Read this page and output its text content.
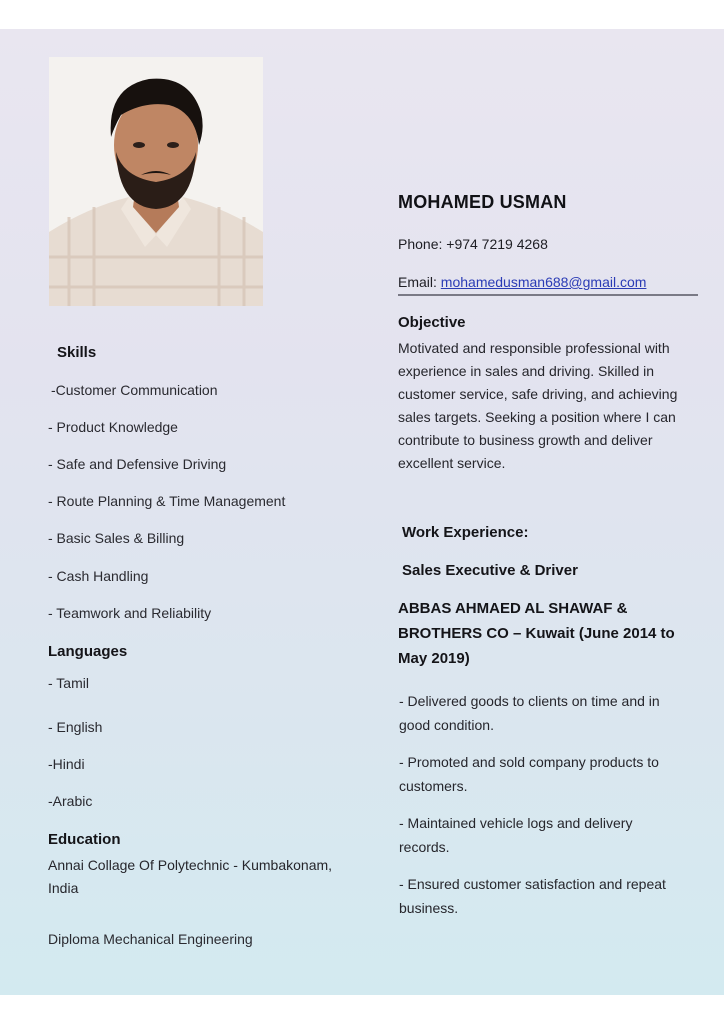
MOHAMED USMAN
Phone: +974 7219 4268
Email: mohamedusman688@gmail.com
Objective
Motivated and responsible professional with experience in sales and driving. Skilled in customer service, safe driving, and achieving sales targets. Seeking a position where I can contribute to business growth and deliver excellent service.
Work Experience:
Sales Executive & Driver
ABBAS AHMAED AL SHAWAF & BROTHERS CO – Kuwait (June 2014 to May 2019)
- Delivered goods to clients on time and in good condition.
- Promoted and sold company products to customers.
- Maintained vehicle logs and delivery records.
- Ensured customer satisfaction and repeat business.
Skills
-Customer Communication
- Product Knowledge
- Safe and Defensive Driving
- Route Planning & Time Management
- Basic Sales & Billing
- Cash Handling
- Teamwork and Reliability
Languages
- Tamil
- English
-Hindi
-Arabic
Education
Annai Collage Of Polytechnic - Kumbakonam, India
Diploma Mechanical Engineering
